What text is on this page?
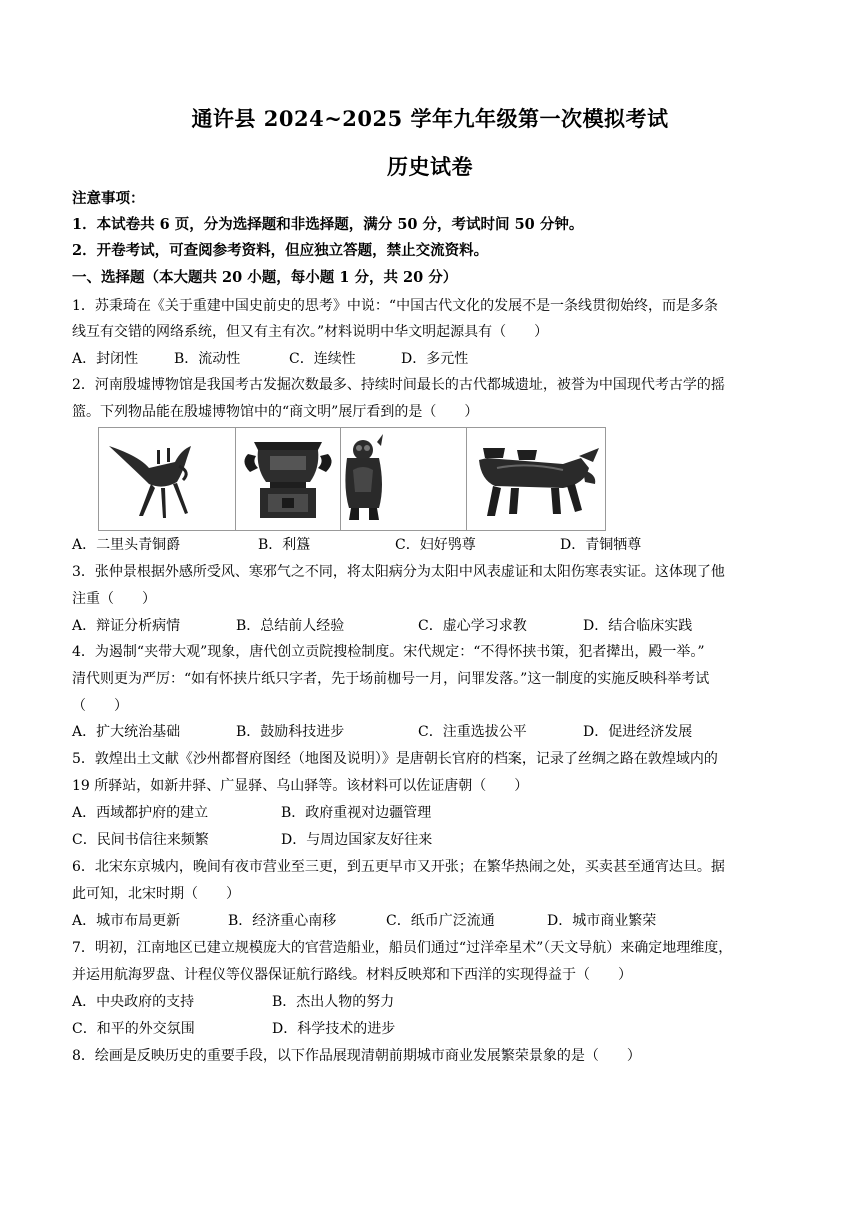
通许县 2024~2025 学年九年级第一次模拟考试
历史试卷
注意事项：
1．本试卷共 6 页，分为选择题和非选择题，满分 50 分，考试时间 50 分钟。
2．开卷考试，可查阅参考资料，但应独立答题，禁止交流资料。
一、选择题（本大题共 20 小题，每小题 1 分，共 20 分）
1．苏秉琦在《关于重建中国史前史的思考》中说：“中国古代文化的发展不是一条线贯彻始终，而是多条
线互有交错的网络系统，但又有主有次。”材料说明中华文明起源具有（　　）
A．封闭性	B．流动性	C．连续性	D．多元性
2．河南殷墟博物馆是我国考古发掘次数最多、持续时间最长的古代都城遗址，被誉为中国现代考古学的摇
篮。下列物品能在殷墟博物馆中的“商文明”展厅看到的是（　　）
A．二里头青铜爵	B．利簋	C．妇好鸮尊	D．青铜牺尊
3．张仲景根据外感所受风、寒邪气之不同，将太阳病分为太阳中风表虚证和太阳伤寒表实证。这体现了他
注重（　　）
A．辩证分析病情	B．总结前人经验	C．虚心学习求教	D．结合临床实践
4．为遏制“夹带大观”现象，唐代创立贡院搜检制度。宋代规定：“不得怀挟书策，犯者撵出，殿一举。”
清代则更为严厉：“如有怀挟片纸只字者，先于场前枷号一月，问罪发落。”这一制度的实施反映科举考试
（　　）
A．扩大统治基础	B．鼓励科技进步	C．注重选拔公平	D．促进经济发展
5．敦煌出土文献《沙州都督府图经（地图及说明）》是唐朝长官府的档案，记录了丝绸之路在敦煌域内的
19 所驿站，如新井驿、广显驿、乌山驿等。该材料可以佐证唐朝（　　）
A．西域都护府的建立	B．政府重视对边疆管理
C．民间书信往来频繁	D．与周边国家友好往来
6．北宋东京城内，晚间有夜市营业至三更，到五更早市又开张；在繁华热闹之处，买卖甚至通宵达旦。据
此可知，北宋时期（　　）
A．城市布局更新	B．经济重心南移	C．纸币广泛流通	D．城市商业繁荣
7．明初，江南地区已建立规模庞大的官营造船业，船员们通过“过洋牵星术”（天文导航）来确定地理维度，
并运用航海罗盘、计程仪等仪器保证航行路线。材料反映郑和下西洋的实现得益于（　　）
A．中央政府的支持	B．杰出人物的努力
C．和平的外交氛围	D．科学技术的进步
8．绘画是反映历史的重要手段，以下作品展现清朝前期城市商业发展繁荣景象的是（　　）
